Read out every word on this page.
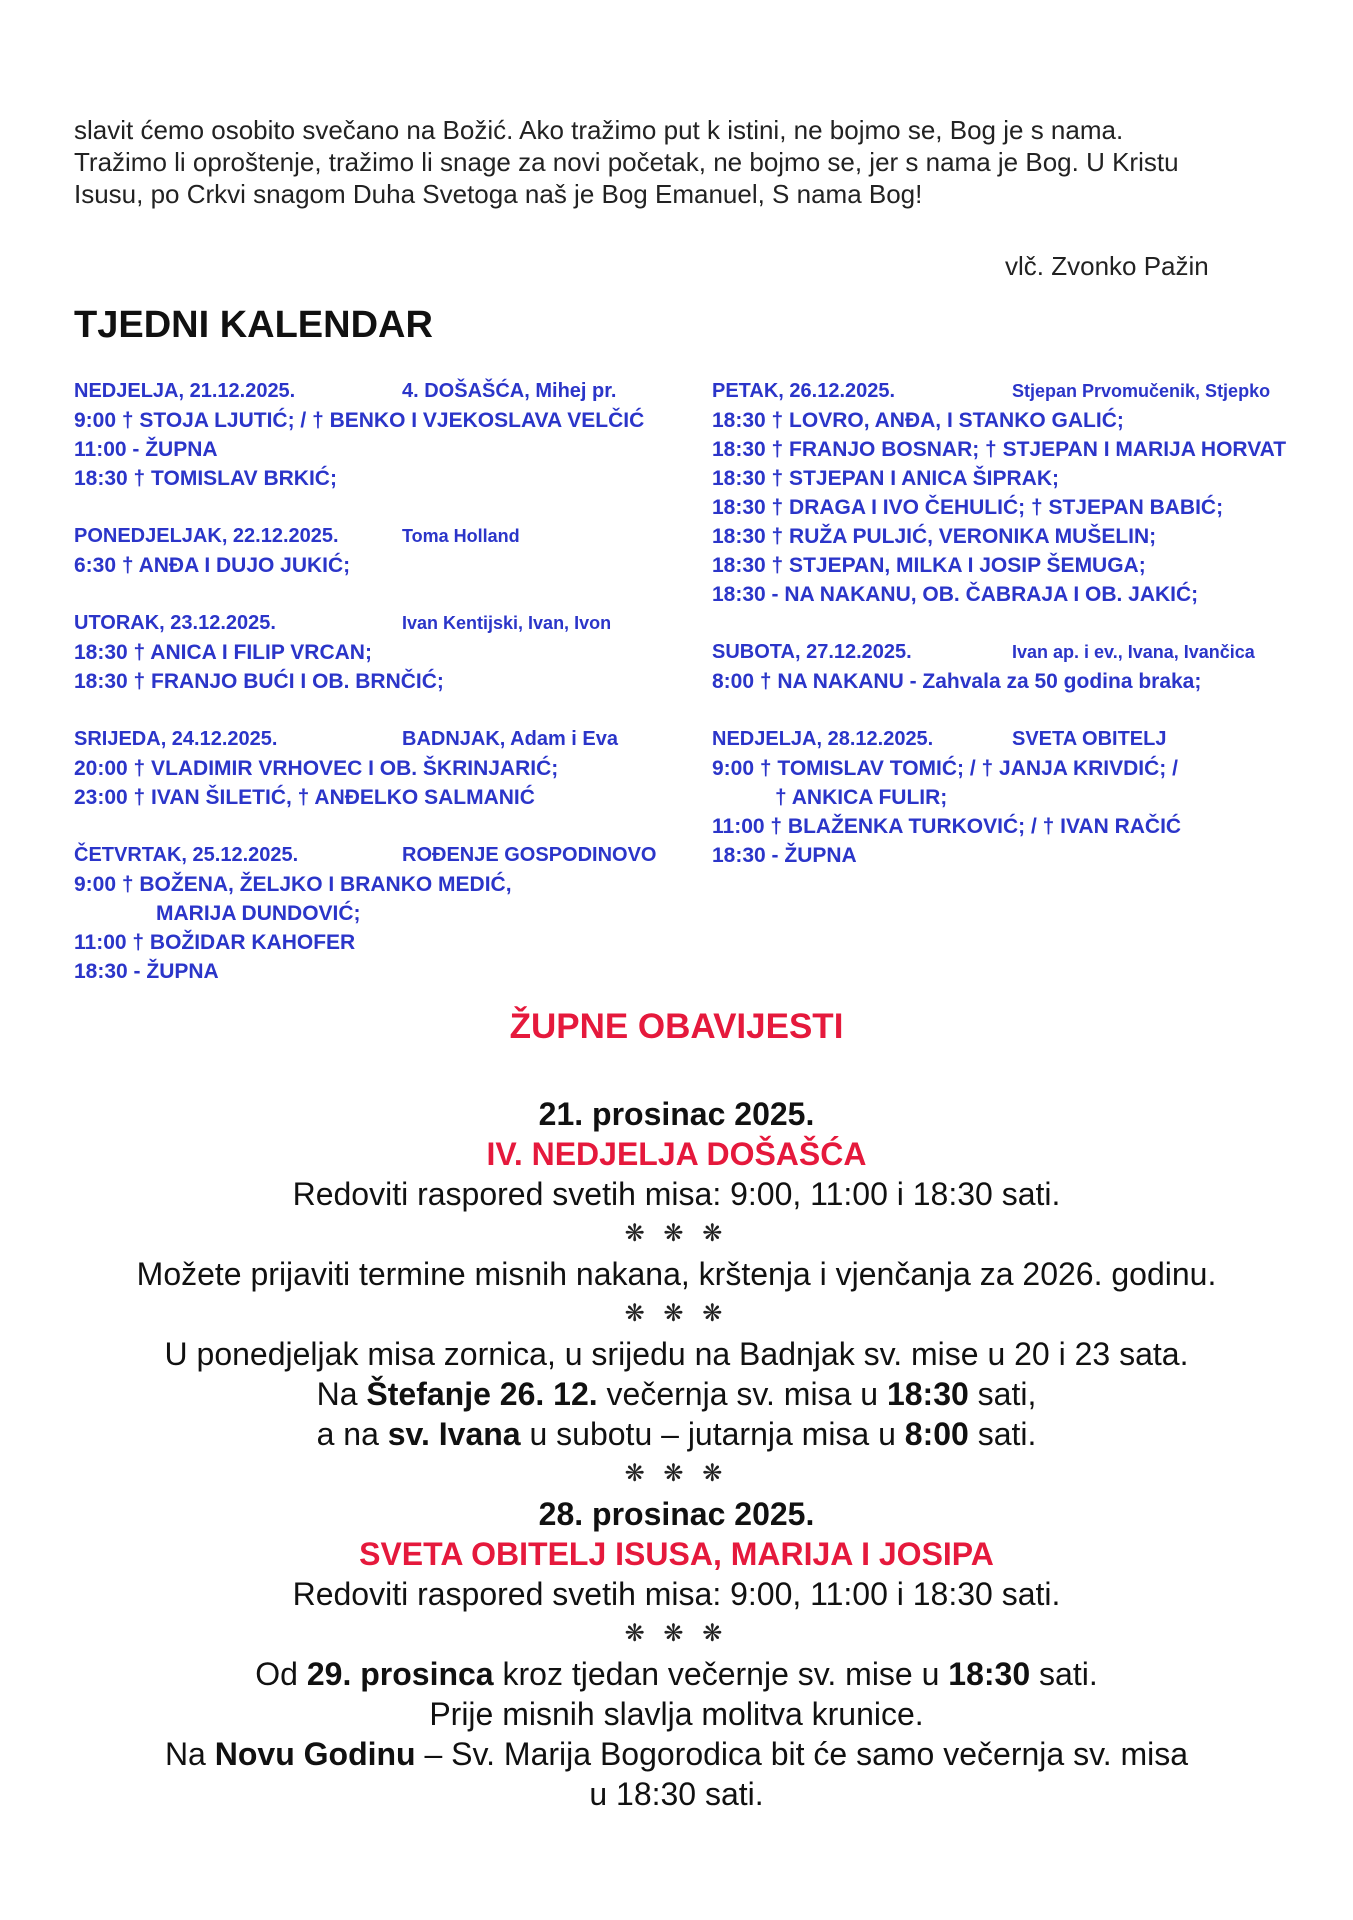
slavit ćemo osobito svečano na Božić. Ako tražimo put k istini, ne bojmo se, Bog je s nama.

Tražimo li oproštenje, tražimo li snage za novi početak, ne bojmo se, jer s nama je Bog. U Kristu

Isusu, po Crkvi snagom Duha Svetoga naš je Bog Emanuel, S nama Bog!

vlč. Zvonko Pažin
TJEDNI KALENDAR
NEDJELJA, 21.12.2025.	4. DOŠAŠĆA, Mihej pr.
9:00 † STOJA LJUTIĆ; / † BENKO I VJEKOSLAVA VELČIĆ
11:00 - ŽUPNA
18:30 † TOMISLAV BRKIĆ;
PONEDJELJAK, 22.12.2025.	Toma Holland
6:30 † ANĐA I DUJO JUKIĆ;
UTORAK, 23.12.2025.	Ivan Kentijski, Ivan, Ivon
18:30 † ANICA I FILIP VRCAN;
18:30 † FRANJO BUĆI I OB. BRNČIĆ;
SRIJEDA, 24.12.2025.	BADNJAK, Adam i Eva
20:00 † VLADIMIR VRHOVEC I OB. ŠKRINJARIĆ;
23:00 † IVAN ŠILETIĆ, † ANĐELKO SALMANIĆ
ČETVRTAK, 25.12.2025.	ROĐENJE GOSPODINOVO
9:00 † BOŽENA, ŽELJKO I BRANKO MEDIĆ,
MARIJA DUNDOVIĆ;
11:00 † BOŽIDAR KAHOFER
18:30 - ŽUPNA
PETAK, 26.12.2025.	Stjepan Prvomučenik, Stjepko
18:30 † LOVRO, ANĐA, I STANKO GALIĆ;
18:30 † FRANJO BOSNAR; † STJEPAN I MARIJA HORVAT
18:30 † STJEPAN I ANICA ŠIPRAK;
18:30 † DRAGA I IVO ČEHULIĆ; † STJEPAN BABIĆ;
18:30 † RUŽA PULJIĆ, VERONIKA MUŠELIN;
18:30 † STJEPAN, MILKA I JOSIP ŠEMUGA;
18:30 - NA NAKANU, OB. ČABRAJA I OB. JAKIĆ;
SUBOTA, 27.12.2025.	Ivan ap. i ev., Ivana, Ivančica
8:00 † NA NAKANU - Zahvala za 50 godina braka;
NEDJELJA, 28.12.2025.	SVETA OBITELJ
9:00 † TOMISLAV TOMIĆ; / † JANJA KRIVDIĆ; /
† ANKICA FULIR;
11:00 † BLAŽENKA TURKOVIĆ; / † IVAN RAČIĆ
18:30 - ŽUPNA
ŽUPNE OBAVIJESTI

21. prosinac 2025.

IV. NEDJELJA DOŠAŠĆA

Redoviti raspored svetih misa: 9:00, 11:00 i 18:30 sati.

❋ ❋ ❋

Možete prijaviti termine misnih nakana, krštenja i vjenčanja za 2026. godinu.

❋ ❋ ❋

U ponedjeljak misa zornica, u srijedu na Badnjak sv. mise u 20 i 23 sata.

Na Štefanje 26. 12. večernja sv. misa u 18:30 sati,

a na sv. Ivana u subotu – jutarnja misa u 8:00 sati.

❋ ❋ ❋

28. prosinac 2025.

SVETA OBITELJ ISUSA, MARIJA I JOSIPA

Redoviti raspored svetih misa: 9:00, 11:00 i 18:30 sati.

❋ ❋ ❋

Od 29. prosinca kroz tjedan večernje sv. mise u 18:30 sati.

Prije misnih slavlja molitva krunice.

Na Novu Godinu – Sv. Marija Bogorodica bit će samo večernja sv. misa

u 18:30 sati.
